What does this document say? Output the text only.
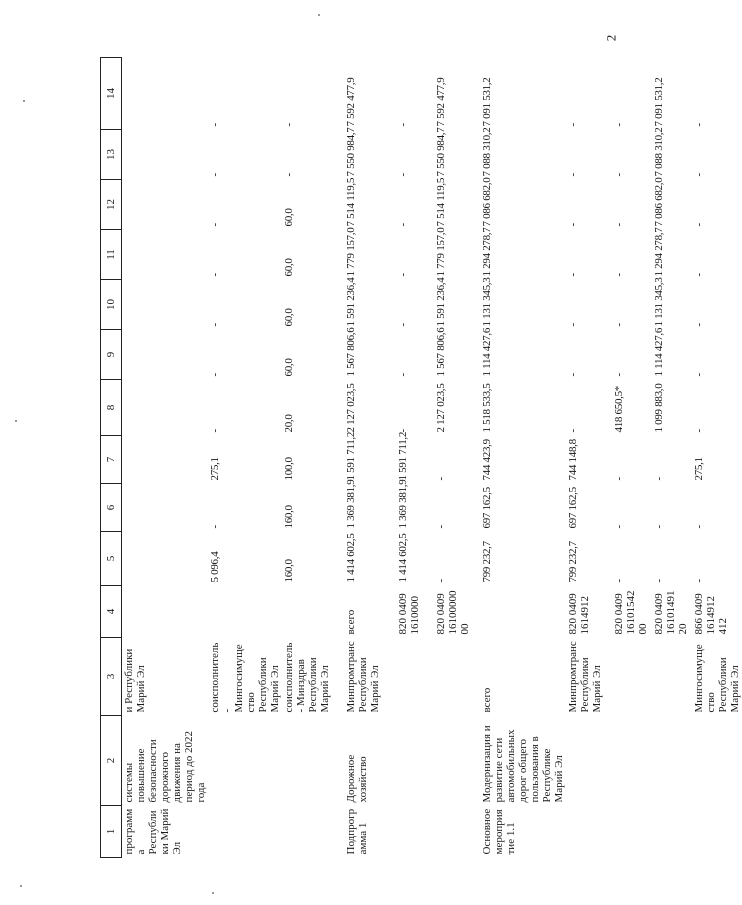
2
1	2	3	4	5	6	7	8	9	10	11	12	13	14
программа Республики Марий Эл	системы повышение безопасности дорожного движения на период до 2022 года	и Республики Марий Эл											
		соисполнитель - Мингосимущество Республики Марий Эл		5 096,4	-	275,1	-	-	-	-	-	-	-
		соисполнитель - Минздрав Республики Марий Эл		160,0	160,0	100,0	20,0	60,0	60,0	60,0	60,0	-	-
Подпрограмма 1	Дорожное хозяйство	Минпромтранс Республики Марий Эл	всего	1 414 602,5	1 369 381,9	1 591 711,2	2 127 023,5	1 567 806,6	1 591 236,4	1 779 157,0	7 514 119,5	7 550 984,7	7 592 477,9
			820 0409 1610000	1 414 602,5	1 369 381,9	1 591 711,2	-	-	-	-	-	-	-
			820 0409 1610000000	-	-	-	2 127 023,5	1 567 806,6	1 591 236,4	1 779 157,0	7 514 119,5	7 550 984,7	7 592 477,9
Основное мероприятие 1.1	Модернизация и развитие сети автомобильных дорог общего пользования в Республике Марий Эл	всего		799 232,7	697 162,5	744 423,9	1 518 533,5	1 114 427,6	1 131 345,3	1 294 278,7	7 086 682,0	7 088 310,2	7 091 531,2
		Минпромтранс Республики Марий Эл	820 0409 1614912	799 232,7	697 162,5	744 148,8	-	-	-	-	-	-	-
			820 0409 1610154200	-	-	-	418 650,5*	-	-	-	-	-	-
			820 0409 1610149120	-	-	-	1 099 883,0	1 114 427,6	1 131 345,3	1 294 278,7	7 086 682,0	7 088 310,2	7 091 531,2
		Мингосимущество Республики Марий Эл	866 0409 1614912 412	-	-	275,1	-	-	-	-	-	-	-
